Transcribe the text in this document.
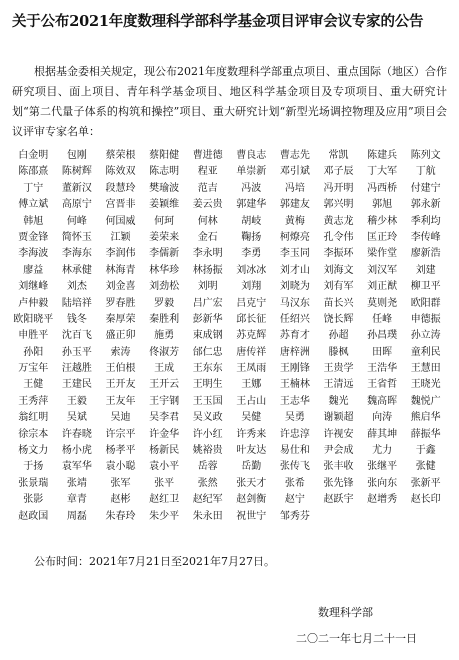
关于公布2021年度数理科学部科学基金项目评审会议专家的公告

根据基金委相关规定，现公布2021年度数理科学部重点项目、重点国际（地区）合作研究项目、面上项目、青年科学基金项目、地区科学基金项目及专项项目、重大研究计划“第二代量子体系的构筑和操控”项目、重大研究计划“新型光场调控物理及应用”项目会议评审专家名单：

白金明	包刚	蔡荣根	蔡阳健	曹进德	曹良志	曹志先	常凯	陈建兵	陈列文
陈邵熹	陈树辉	陈效双	陈志明	程亚	单崇新	邓引斌	邓子辰	丁大军	丁航
丁宁	董新汉	段慧玲	樊瑜波	范吉	冯波	冯培	冯开明	冯西桥	付建宁
傅立斌	高原宁	宫晋非	姜颖维	姜云贵	郭建华	郭建友	郭兴明	郭旭	郭永新
韩旭	何峰	何国威	何珂	何林	胡岐	黄梅	黄志龙	稽少林	季利均
贾金锋	简怀玉	江颖	姜荣来	金石	鞠扬	柯燎亮	孔令伟	匡正玲	李传峰
李海波	李海东	李润伟	李儒新	李永明	李勇	李玉同	李振环	梁作堂	廖新浩
廖益	林承健	林海青	林华珍	林扬振	刘冰冰	刘才山	刘海文	刘汉军	刘建
刘继峰	刘杰	刘金喜	刘劲松	刘明	刘翔	刘晓为	刘有军	刘正猷	柳卫平
卢仲毅	陆培祥	罗春胜	罗毅	吕广宏	吕克宁	马汉东	苗长兴	莫则尧	欧阳群
欧阳晓平	钱冬	秦厚荣	秦胜利	彭新华	邱长征	任绍兴	饶长辉	任峰	申德振
申胜平	沈百飞	盛正卯	施勇	束成钢	苏克辉	苏育才	孙超	孙昌璞	孙立涛
孙阳	孙玉平	索涛	佟淑芳	邰仁忠	唐传祥	唐梓洲	滕枫	田晖	童利民
万宝年	汪越胜	王伯根	王成	王东东	王凤雨	王刚锋	王贵学	王浩华	王慧田
王健	王建民	王开友	王开云	王明生	王娜	王楠林	王清远	王省哲	王晓光
王秀萍	王毅	王友年	王宇钢	王玉国	王占山	王志华	魏光	魏高晖	魏悦广
翁红明	吴斌	吴迪	吴李君	吴义政	吴健	吴勇	谢颖超	向涛	熊启华
徐宗本	许春晓	许宗平	许金华	许小红	许秀来	许忠淳	许视安	薛其坤	薛振华
杨文力	杨小虎	杨孝平	杨新民	姚裕贵	叶友达	易仕和	尹会成	尤力	于鑫
于扬	袁军华	袁小聪	袁小平	岳蓉	岳勤	张传飞	张丰收	张继平	张健
张景瑞	张靖	张军	张平	张然	张天才	张希	张先锋	张向东	张新平
张影	章青	赵彬	赵红卫	赵纪军	赵剑衡	赵宁	赵跃宇	赵增秀	赵长印
赵政国	周磊	朱春玲	朱少平	朱永田	祝世宁	邹秀芬

公布时间：2021年7月21日至2021年7月27日。

数理科学部
二〇二一年七月二十一日
